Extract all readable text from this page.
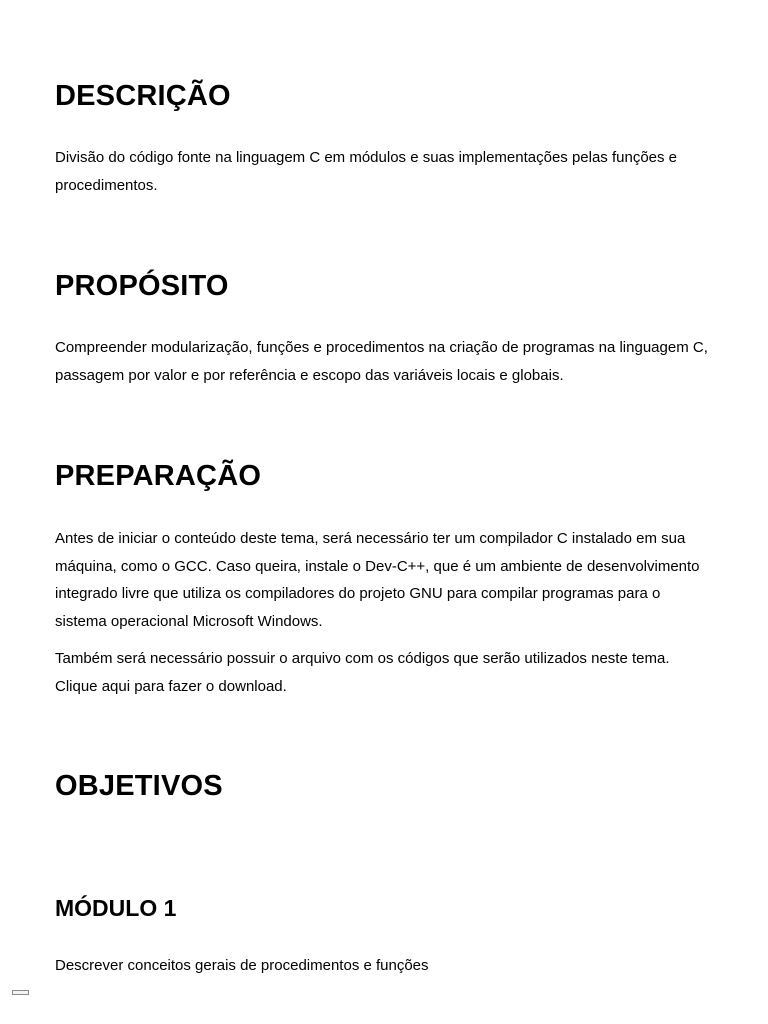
DESCRIÇÃO

Divisão do código fonte na linguagem C em módulos e suas implementações pelas funções e procedimentos.

PROPÓSITO

Compreender modularização, funções e procedimentos na criação de programas na linguagem C, passagem por valor e por referência e escopo das variáveis locais e globais.

PREPARAÇÃO

Antes de iniciar o conteúdo deste tema, será necessário ter um compilador C instalado em sua máquina, como o GCC. Caso queira, instale o Dev-C++, que é um ambiente de desenvolvimento integrado livre que utiliza os compiladores do projeto GNU para compilar programas para o sistema operacional Microsoft Windows.

Também será necessário possuir o arquivo com os códigos que serão utilizados neste tema.
Clique aqui para fazer o download.

OBJETIVOS
MÓDULO 1

Descrever conceitos gerais de procedimentos e funções
